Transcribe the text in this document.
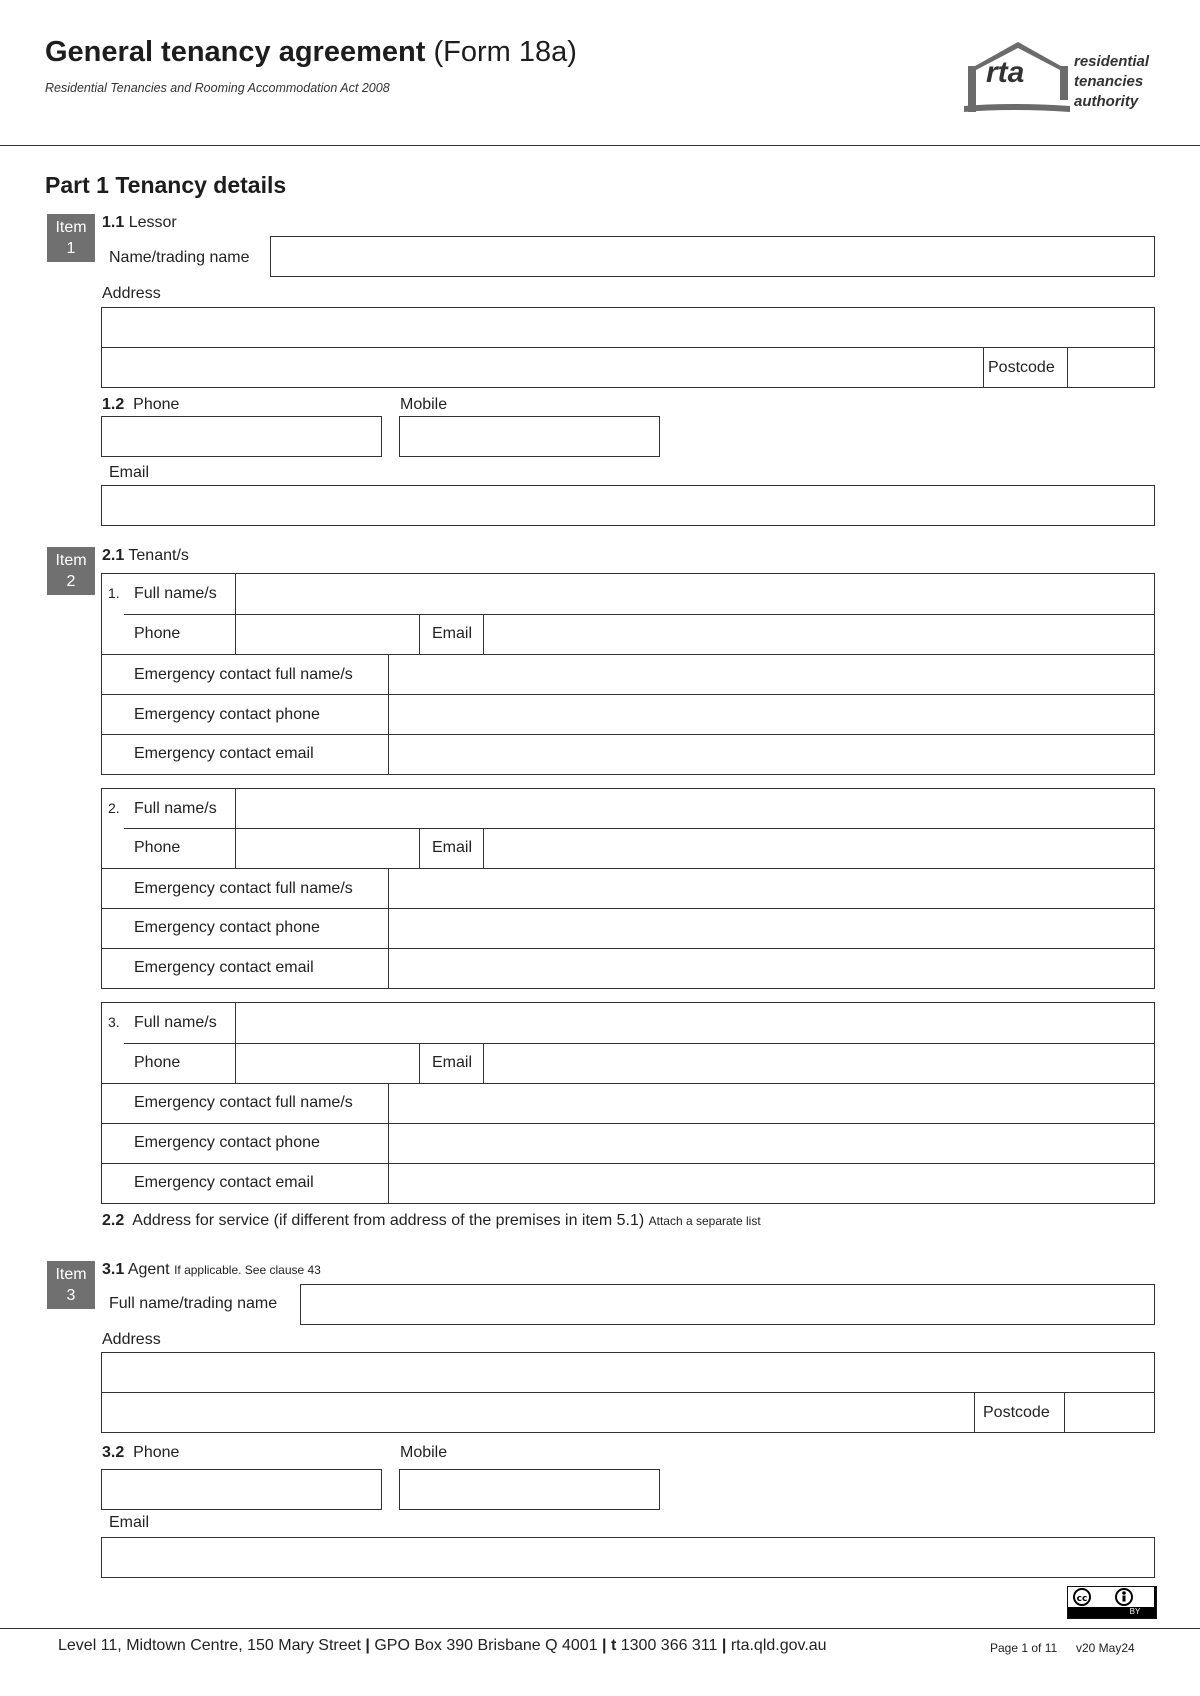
General tenancy agreement (Form 18a)
Residential Tenancies and Rooming Accommodation Act 2008	rta	residential
tenancies
authority
Part 1 Tenancy details
Item
1
1.1 Lessor
Name/trading name
Address
Postcode
1.2 Phone	Mobile
Email
Item
2
2.1 Tenant/s
1. Full name/s
Phone	Email
Emergency contact full name/s
Emergency contact phone
Emergency contact email
2. Full name/s
Phone	Email
Emergency contact full name/s
Emergency contact phone
Emergency contact email
3. Full name/s
Phone	Email
Emergency contact full name/s
Emergency contact phone
Emergency contact email
2.2 Address for service (if different from address of the premises in item 5.1) Attach a separate list
Item
3
3.1 Agent If applicable. See clause 43
Full name/trading name
Address
Postcode
3.2 Phone	Mobile
Email
cc
BY
Level 11, Midtown Centre, 150 Mary Street | GPO Box 390 Brisbane Q 4001 | t 1300 366 311 | rta.qld.gov.au	Page 1 of 11 v20 May24
